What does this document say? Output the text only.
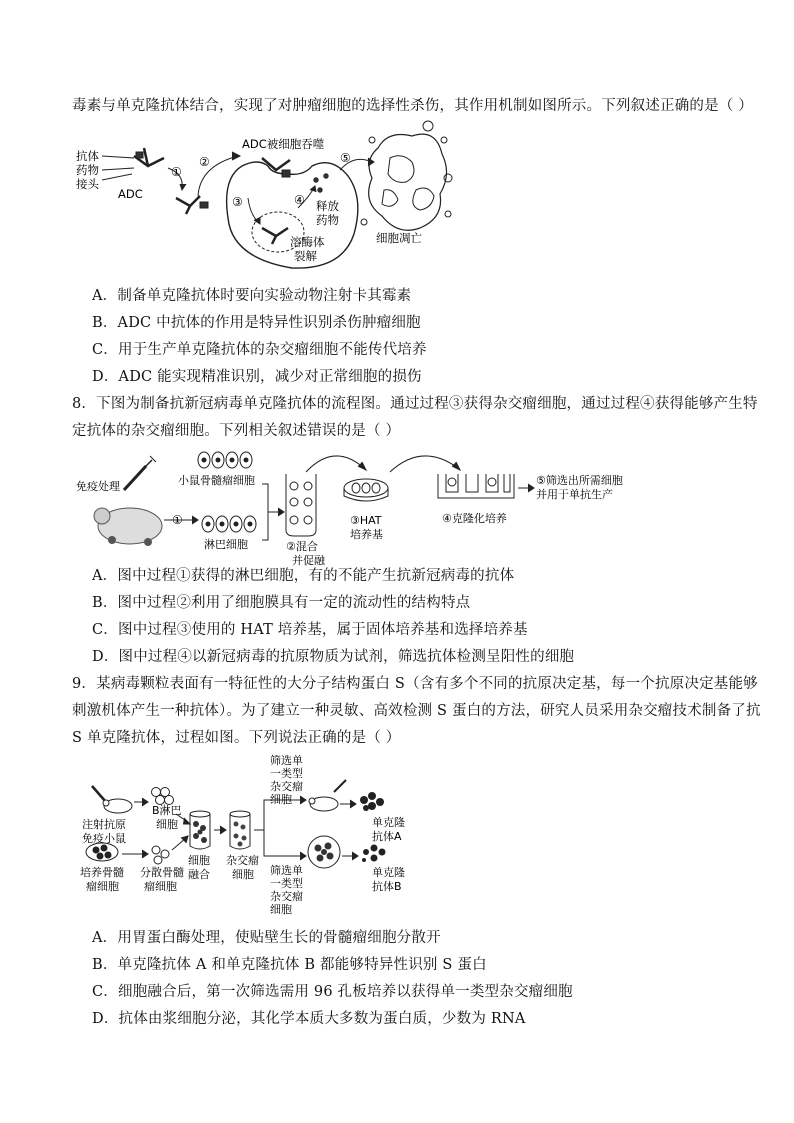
毒素与单克隆抗体结合，实现了对肿瘤细胞的选择性杀伤，其作用机制如图所示。下列叙述正确的是（ ）
抗体
药物
接头
ADC
①
②
③	④
⑤
ADC被细胞吞噬
释放
药物
溶酶体
裂解
细胞凋亡
A．制备单克隆抗体时要向实验动物注射卡其霉素
B．ADC 中抗体的作用是特异性识别杀伤肿瘤细胞
C．用于生产单克隆抗体的杂交瘤细胞不能传代培养
D．ADC 能实现精准识别，减少对正常细胞的损伤
8．下图为制备抗新冠病毒单克隆抗体的流程图。通过过程③获得杂交瘤细胞，通过过程④获得能够产生特
定抗体的杂交瘤细胞。下列相关叙述错误的是（ ）
免疫处理	小鼠骨髓瘤细胞
①
淋巴细胞	②混合
并促融
③HAT
培养基
④克隆化培养
⑤筛选出所需细胞
并用于单抗生产
A．图中过程①获得的淋巴细胞，有的不能产生抗新冠病毒的抗体
B．图中过程②利用了细胞膜具有一定的流动性的结构特点
C．图中过程③使用的 HAT 培养基，属于固体培养基和选择培养基
D．图中过程④以新冠病毒的抗原物质为试剂，筛选抗体检测呈阳性的细胞
9．某病毒颗粒表面有一特征性的大分子结构蛋白 S（含有多个不同的抗原决定基，每一个抗原决定基能够
刺激机体产生一种抗体）。为了建立一种灵敏、高效检测 S 蛋白的方法，研究人员采用杂交瘤技术制备了抗
S 单克隆抗体，过程如图。下列说法正确的是（ ）
注射抗原
免疫小鼠
B淋巴
细胞
细胞
融合
杂交瘤
细胞
筛选单
一类型
杂交瘤
细胞
筛选单
一类型
杂交瘤
细胞
单克隆
抗体A
单克隆
抗体B
培养骨髓
瘤细胞
分散骨髓
瘤细胞
A．用胃蛋白酶处理，使贴壁生长的骨髓瘤细胞分散开
B．单克隆抗体 A 和单克隆抗体 B 都能够特异性识别 S 蛋白
C．细胞融合后，第一次筛选需用 96 孔板培养以获得单一类型杂交瘤细胞
D．抗体由浆细胞分泌，其化学本质大多数为蛋白质，少数为 RNA
